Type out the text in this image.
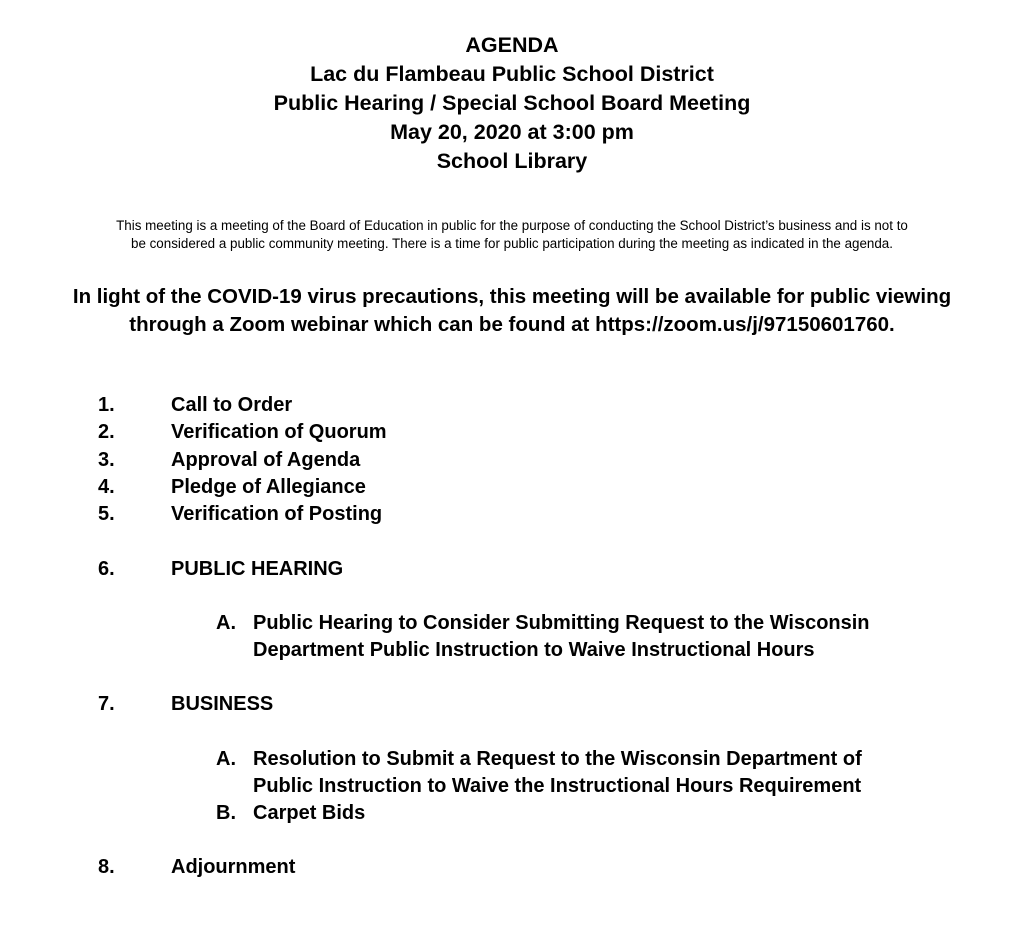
AGENDA
Lac du Flambeau Public School District
Public Hearing / Special School Board Meeting
May 20, 2020 at 3:00 pm
School Library
This meeting is a meeting of the Board of Education in public for the purpose of conducting the School District’s business and is not to
be considered a public community meeting. There is a time for public participation during the meeting as indicated in the agenda.
In light of the COVID-19 virus precautions, this meeting will be available for public viewing
through a Zoom webinar which can be found at https://zoom.us/j/97150601760.
1.	Call to Order
2.	Verification of Quorum
3.	Approval of Agenda
4.	Pledge of Allegiance
5.	Verification of Posting
6.	PUBLIC HEARING
A. Public Hearing to Consider Submitting Request to the Wisconsin
Department Public Instruction to Waive Instructional Hours
7.	BUSINESS
A. Resolution to Submit a Request to the Wisconsin Department of
Public Instruction to Waive the Instructional Hours Requirement
B. Carpet Bids
8.	Adjournment
